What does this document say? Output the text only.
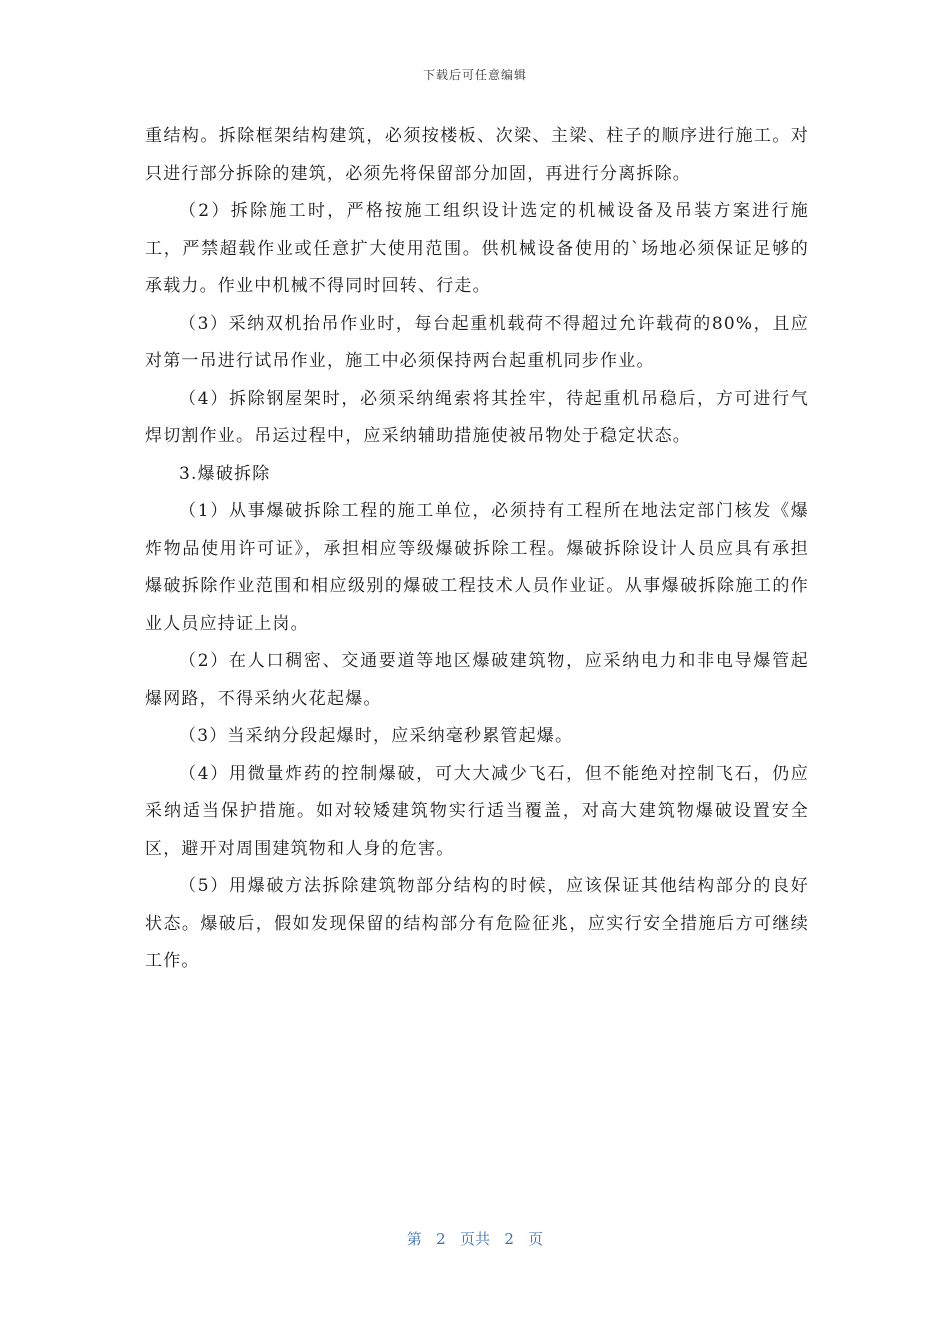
下载后可任意编辑

重结构。拆除框架结构建筑，必须按楼板、次梁、主梁、柱子的顺序进行施工。对只进行部分拆除的建筑，必须先将保留部分加固，再进行分离拆除。

（2）拆除施工时，严格按施工组织设计选定的机械设备及吊装方案进行施工，严禁超载作业或任意扩大使用范围。供机械设备使用的`场地必须保证足够的承载力。作业中机械不得同时回转、行走。

（3）采纳双机抬吊作业时，每台起重机载荷不得超过允许载荷的80%，且应对第一吊进行试吊作业，施工中必须保持两台起重机同步作业。

（4）拆除钢屋架时，必须采纳绳索将其拴牢，待起重机吊稳后，方可进行气焊切割作业。吊运过程中，应采纳辅助措施使被吊物处于稳定状态。

3.爆破拆除

（1）从事爆破拆除工程的施工单位，必须持有工程所在地法定部门核发《爆炸物品使用许可证》，承担相应等级爆破拆除工程。爆破拆除设计人员应具有承担爆破拆除作业范围和相应级别的爆破工程技术人员作业证。从事爆破拆除施工的作业人员应持证上岗。

（2）在人口稠密、交通要道等地区爆破建筑物，应采纳电力和非电导爆管起爆网路，不得采纳火花起爆。

（3）当采纳分段起爆时，应采纳毫秒累管起爆。

（4）用微量炸药的控制爆破，可大大减少飞石，但不能绝对控制飞石，仍应采纳适当保护措施。如对较矮建筑物实行适当覆盖，对高大建筑物爆破设置安全区，避开对周围建筑物和人身的危害。

（5）用爆破方法拆除建筑物部分结构的时候，应该保证其他结构部分的良好状态。爆破后，假如发现保留的结构部分有危险征兆，应实行安全措施后方可继续工作。

第 2 页共 2 页
